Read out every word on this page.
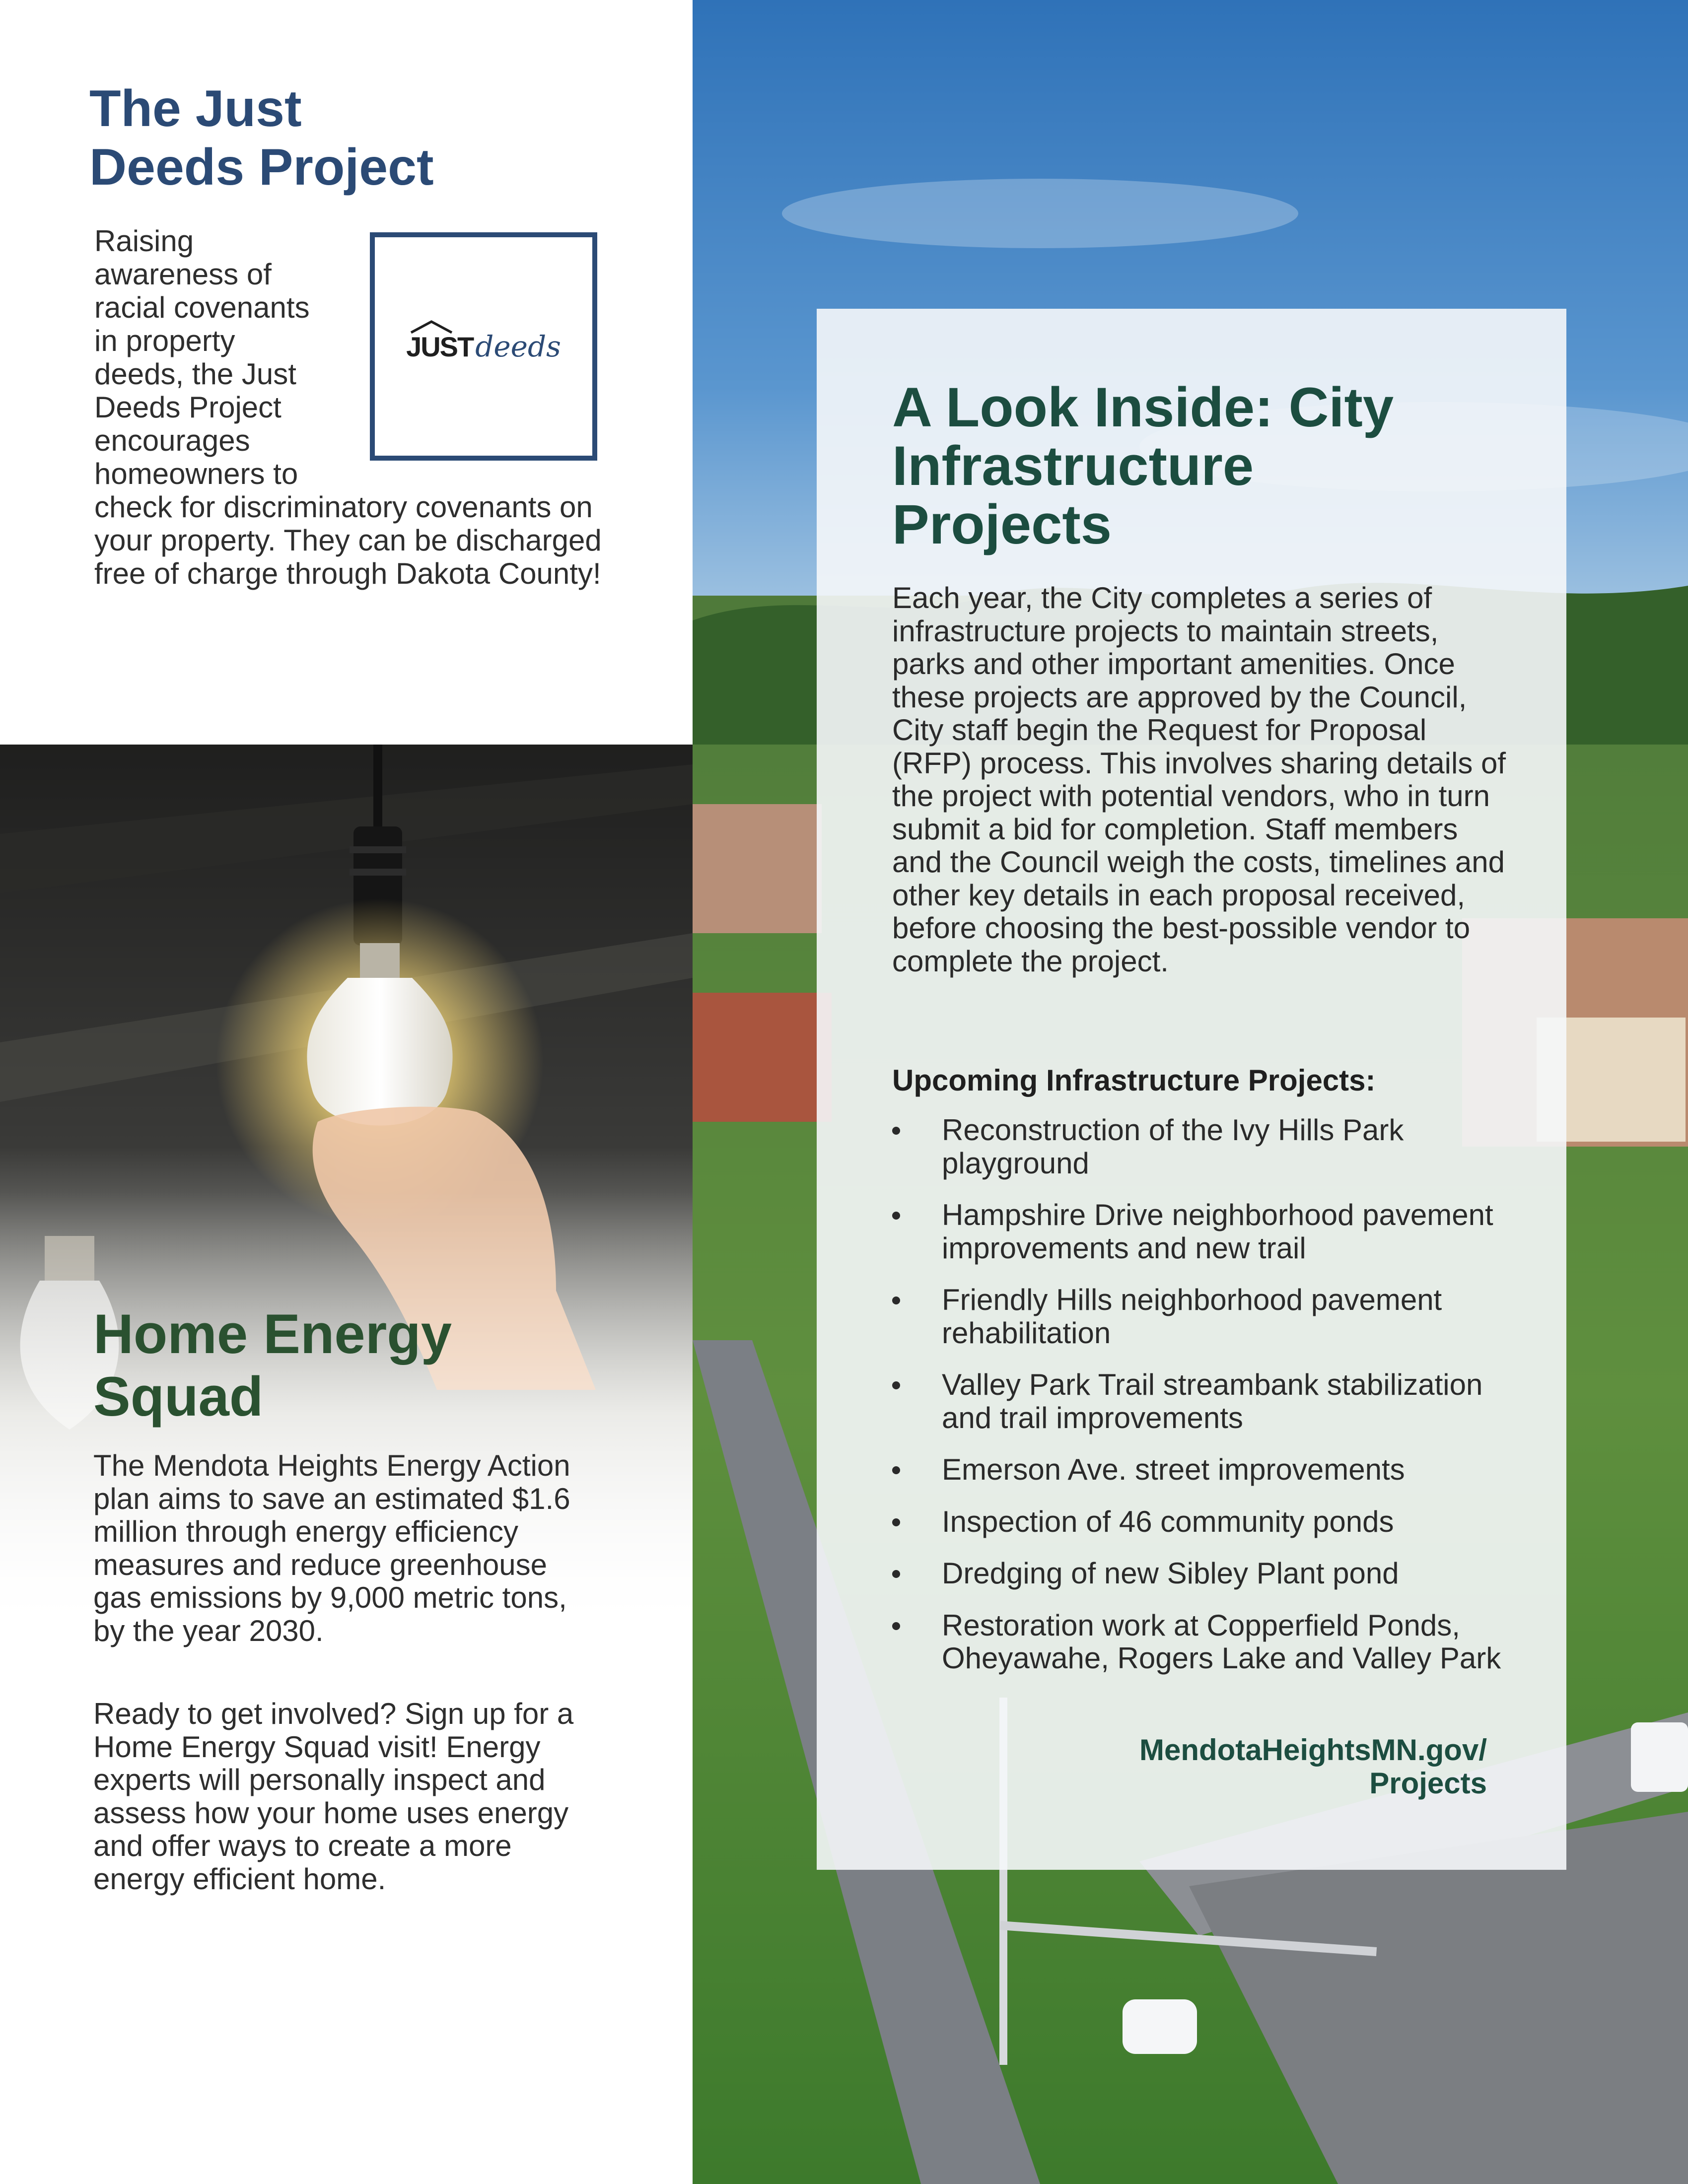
The Just
Deeds Project
JUST deeds

Raising
awareness of
racial covenants
in property
deeds, the Just
Deeds Project
encourages
homeowners to

check for discriminatory covenants on your property. They can be discharged free of charge through Dakota County!

Home Energy
Squad

The Mendota Heights Energy Action plan aims to save an estimated $1.6 million through energy efficiency measures and reduce greenhouse gas emissions by 9,000 metric tons, by the year 2030.

Ready to get involved? Sign up for a Home Energy Squad visit! Energy experts will personally inspect and assess how your home uses energy and offer ways to create a more energy efficient home.

A Look Inside: City
Infrastructure
Projects

Each year, the City completes a series of infrastructure projects to maintain streets, parks and other important amenities. Once these projects are approved by the Council, City staff begin the Request for Proposal (RFP) process. This involves sharing details of the project with potential vendors, who in turn submit a bid for completion. Staff members and the Council weigh the costs, timelines and other key details in each proposal received, before choosing the best-possible vendor to complete the project.

Upcoming Infrastructure Projects:

Reconstruction of the Ivy Hills Park playground
Hampshire Drive neighborhood pavement improvements and new trail
Friendly Hills neighborhood pavement rehabilitation
Valley Park Trail streambank stabilization and trail improvements
Emerson Ave. street improvements
Inspection of 46 community ponds
Dredging of new Sibley Plant pond
Restoration work at Copperfield Ponds, Oheyawahe, Rogers Lake and Valley Park
MendotaHeightsMN.gov/
Projects
